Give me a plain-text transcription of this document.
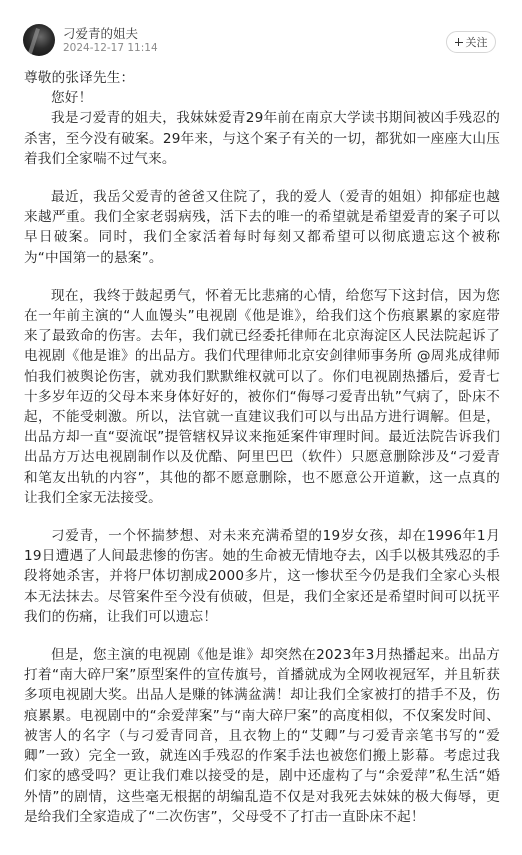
刁爱青的姐夫
2024-12-17 11:14	关注

尊敬的张译先生：

您好！

我是刁爱青的姐夫，我妹妹爱青29年前在南京大学读书期间被凶手残忍的杀害，至今没有破案。29年来，与这个案子有关的一切，都犹如一座座大山压着我们全家喘不过气来。

最近，我岳父爱青的爸爸又住院了，我的爱人（爱青的姐姐）抑郁症也越来越严重。我们全家老弱病残，活下去的唯一的希望就是希望爱青的案子可以早日破案。同时，我们全家活着每时每刻又都希望可以彻底遗忘这个被称为“中国第一的悬案”。

现在，我终于鼓起勇气，怀着无比悲痛的心情，给您写下这封信，因为您在一年前主演的“人血馒头”电视剧《他是谁》，给我们这个伤痕累累的家庭带来了最致命的伤害。去年，我们就已经委托律师在北京海淀区人民法院起诉了电视剧《他是谁》的出品方。我们代理律师北京安剑律师事务所 @周兆成律师 怕我们被舆论伤害，就劝我们默默维权就可以了。你们电视剧热播后，爱青七十多岁年迈的父母本来身体好好的，被你们“侮辱刁爱青出轨”气病了，卧床不起，不能受刺激。所以，法官就一直建议我们可以与出品方进行调解。但是，出品方却一直“耍流氓”提管辖权异议来拖延案件审理时间。最近法院告诉我们出品方万达电视剧制作以及优酷、阿里巴巴（软件）只愿意删除涉及“刁爱青和笔友出轨的内容”，其他的都不愿意删除，也不愿意公开道歉，这一点真的让我们全家无法接受。

刁爱青，一个怀揣梦想、对未来充满希望的19岁女孩，却在1996年1月19日遭遇了人间最悲惨的伤害。她的生命被无情地夺去，凶手以极其残忍的手段将她杀害，并将尸体切割成2000多片，这一惨状至今仍是我们全家心头根本无法抹去。尽管案件至今没有侦破，但是，我们全家还是希望时间可以抚平我们的伤痛，让我们可以遗忘！

但是，您主演的电视剧《他是谁》却突然在2023年3月热播起来。出品方打着“南大碎尸案”原型案件的宣传旗号，首播就成为全网收视冠军，并且斩获多项电视剧大奖。出品人是赚的钵满盆满！却让我们全家被打的措手不及，伤痕累累。电视剧中的“余爱萍案”与“南大碎尸案”的高度相似，不仅案发时间、被害人的名字（与刁爱青同音，且衣物上的“艾卿”与刁爱青亲笔书写的“爱卿”一致）完全一致，就连凶手残忍的作案手法也被您们搬上影幕。考虑过我们家的感受吗？更让我们难以接受的是，剧中还虚构了与“余爱萍”私生活“婚外情”的剧情，这些毫无根据的胡编乱造不仅是对我死去妹妹的极大侮辱，更是给我们全家造成了“二次伤害”，父母受不了打击一直卧床不起！
